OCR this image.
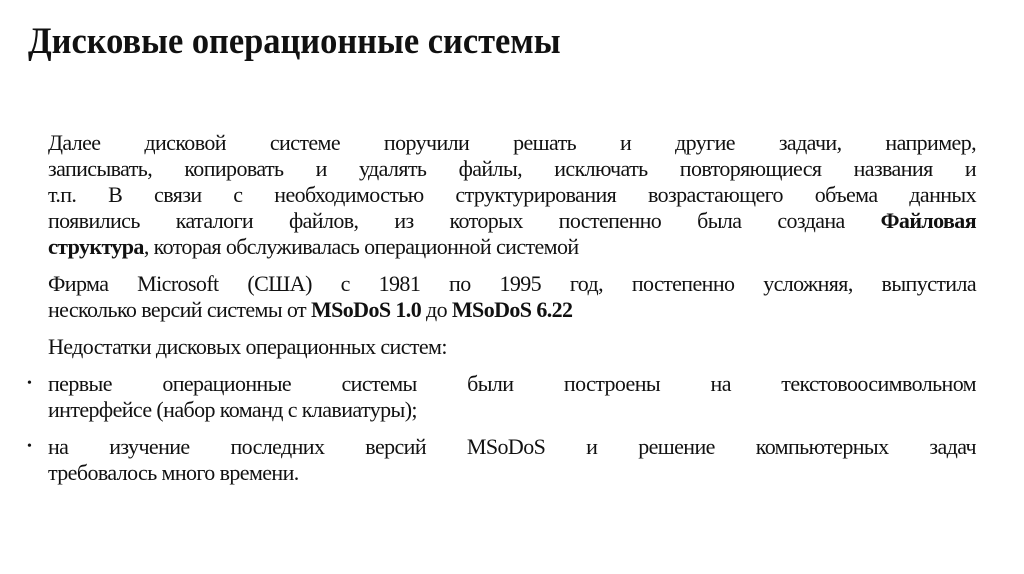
Дисковые операционные системы
Далее дисковой системе поручили решать и другие задачи, например,
записывать, копировать и удалять файлы, исключать повторяющиеся названия и
т.п. В связи с необходимостью структурирования возрастающего объема данных
появились каталоги файлов, из которых постепенно была создана Файловая
структура, которая обслуживалась операционной системой
Фирма Microsoft (США) с 1981 по 1995 год, постепенно усложняя, выпустила
несколько версий системы от MSoDoS 1.0 до MSoDoS 6.22
Недостатки дисковых операционных систем:
• первые операционные системы были построены на текстовоосимвольном
интерфейсе (набор команд с клавиатуры);
• на изучение последних версий MSoDoS и решение компьютерных задач
требовалось много времени.
